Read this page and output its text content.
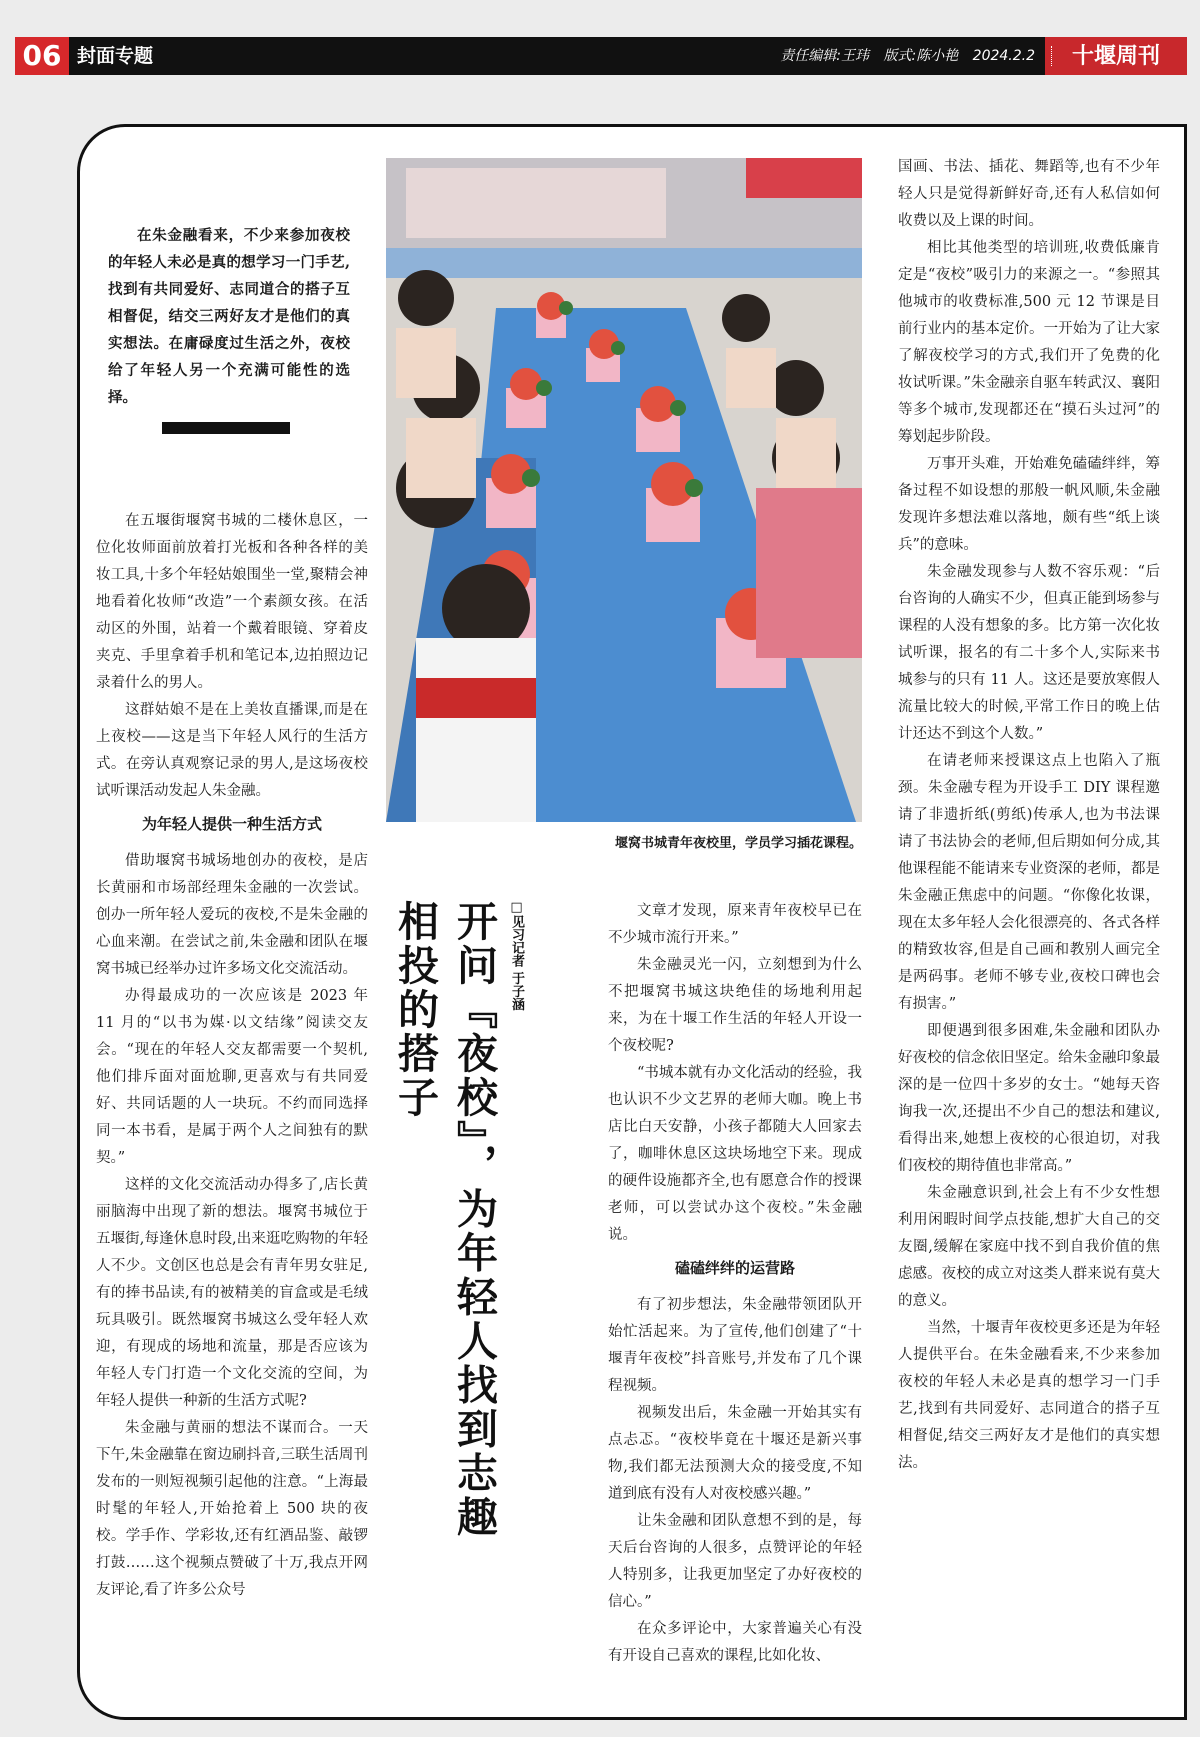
06 封面专题	责任编辑:王玮 版式:陈小艳 2024.2.2	十堰周刊

在朱金融看来，不少来参加夜校的年轻人未必是真的想学习一门手艺,找到有共同爱好、志同道合的搭子互相督促，结交三两好友才是他们的真实想法。在庸碌度过生活之外，夜校给了年轻人另一个充满可能性的选择。

在五堰街堰窝书城的二楼休息区，一位化妆师面前放着打光板和各种各样的美妆工具,十多个年轻姑娘围坐一堂,聚精会神地看着化妆师“改造”一个素颜女孩。在活动区的外围，站着一个戴着眼镜、穿着皮夹克、手里拿着手机和笔记本,边拍照边记录着什么的男人。

这群姑娘不是在上美妆直播课,而是在上夜校——这是当下年轻人风行的生活方式。在旁认真观察记录的男人,是这场夜校试听课活动发起人朱金融。

为年轻人提供一种生活方式

借助堰窝书城场地创办的夜校，是店长黄丽和市场部经理朱金融的一次尝试。创办一所年轻人爱玩的夜校,不是朱金融的心血来潮。在尝试之前,朱金融和团队在堰窝书城已经举办过许多场文化交流活动。

办得最成功的一次应该是 2023 年 11 月的“以书为媒·以文结缘”阅读交友会。“现在的年轻人交友都需要一个契机,他们排斥面对面尬聊,更喜欢与有共同爱好、共同话题的人一块玩。不约而同选择同一本书看，是属于两个人之间独有的默契。”

这样的文化交流活动办得多了,店长黄丽脑海中出现了新的想法。堰窝书城位于五堰街,每逢休息时段,出来逛吃购物的年轻人不少。文创区也总是会有青年男女驻足,有的捧书品读,有的被精美的盲盒或是毛绒玩具吸引。既然堰窝书城这么受年轻人欢迎，有现成的场地和流量，那是否应该为年轻人专门打造一个文化交流的空间，为年轻人提供一种新的生活方式呢?

朱金融与黄丽的想法不谋而合。一天下午,朱金融靠在窗边刷抖音,三联生活周刊发布的一则短视频引起他的注意。“上海最时髦的年轻人,开始抢着上 500 块的夜校。学手作、学彩妆,还有红酒品鉴、敲锣打鼓……这个视频点赞破了十万,我点开网友评论,看了许多公众号

堰窝书城青年夜校里，学员学习插花课程。
开问『夜校』，为年轻人找到志趣相投的搭子	□见习记者 于子涵	文章才发现，原来青年夜校早已在不少城市流行开来。”

朱金融灵光一闪，立刻想到为什么不把堰窝书城这块绝佳的场地利用起来，为在十堰工作生活的年轻人开设一个夜校呢?

“书城本就有办文化活动的经验，我也认识不少文艺界的老师大咖。晚上书店比白天安静，小孩子都随大人回家去了，咖啡休息区这块场地空下来。现成的硬件设施都齐全,也有愿意合作的授课老师，可以尝试办这个夜校。”朱金融说。

磕磕绊绊的运营路

有了初步想法，朱金融带领团队开始忙活起来。为了宣传,他们创建了“十堰青年夜校”抖音账号,并发布了几个课程视频。

视频发出后，朱金融一开始其实有点忐忑。“夜校毕竟在十堰还是新兴事物,我们都无法预测大众的接受度,不知道到底有没有人对夜校感兴趣。”

让朱金融和团队意想不到的是，每天后台咨询的人很多，点赞评论的年轻人特别多，让我更加坚定了办好夜校的信心。”

在众多评论中，大家普遍关心有没有开设自己喜欢的课程,比如化妆、

国画、书法、插花、舞蹈等,也有不少年轻人只是觉得新鲜好奇,还有人私信如何收费以及上课的时间。

相比其他类型的培训班,收费低廉肯定是“夜校”吸引力的来源之一。“参照其他城市的收费标准,500 元 12 节课是目前行业内的基本定价。一开始为了让大家了解夜校学习的方式,我们开了免费的化妆试听课。”朱金融亲自驱车转武汉、襄阳等多个城市,发现都还在“摸石头过河”的筹划起步阶段。

万事开头难，开始难免磕磕绊绊，筹备过程不如设想的那般一帆风顺,朱金融发现许多想法难以落地，颇有些“纸上谈兵”的意味。

朱金融发现参与人数不容乐观：“后台咨询的人确实不少，但真正能到场参与课程的人没有想象的多。比方第一次化妆试听课，报名的有二十多个人,实际来书城参与的只有 11 人。这还是要放寒假人流量比较大的时候,平常工作日的晚上估计还达不到这个人数。”

在请老师来授课这点上也陷入了瓶颈。朱金融专程为开设手工 DIY 课程邀请了非遗折纸(剪纸)传承人,也为书法课请了书法协会的老师,但后期如何分成,其他课程能不能请来专业资深的老师，都是朱金融正焦虑中的问题。“你像化妆课，现在太多年轻人会化很漂亮的、各式各样的精致妆容,但是自己画和教别人画完全是两码事。老师不够专业,夜校口碑也会有损害。”

即便遇到很多困难,朱金融和团队办好夜校的信念依旧坚定。给朱金融印象最深的是一位四十多岁的女士。“她每天咨询我一次,还提出不少自己的想法和建议,看得出来,她想上夜校的心很迫切，对我们夜校的期待值也非常高。”

朱金融意识到,社会上有不少女性想利用闲暇时间学点技能,想扩大自己的交友圈,缓解在家庭中找不到自我价值的焦虑感。夜校的成立对这类人群来说有莫大的意义。

当然，十堰青年夜校更多还是为年轻人提供平台。在朱金融看来,不少来参加夜校的年轻人未必是真的想学习一门手艺,找到有共同爱好、志同道合的搭子互相督促,结交三两好友才是他们的真实想法。
